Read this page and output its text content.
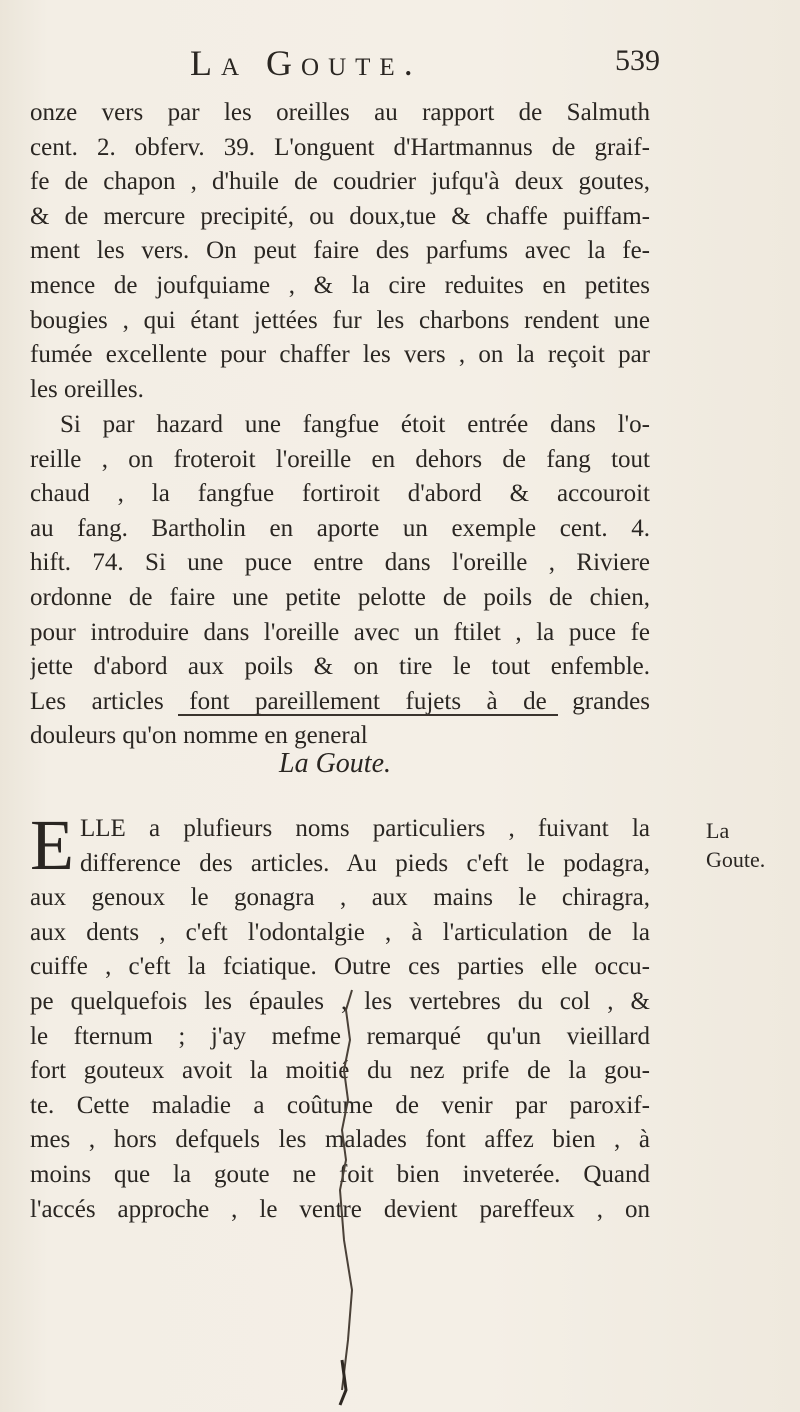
La Goute.	539
onze vers par les oreilles au rapport de Salmuth
cent. 2. obferv. 39. L'onguent d'Hartmannus de graif-
fe de chapon , d'huile de coudrier jufqu'à deux goutes,
& de mercure precipité, ou doux,tue & chaffe puiffam-
ment les vers. On peut faire des parfums avec la fe-
mence de joufquiame , & la cire reduites en petites
bougies , qui étant jettées fur les charbons rendent une
fumée excellente pour chaffer les vers , on la reçoit par
les oreilles.
Si par hazard une fangfue étoit entrée dans l'o-
reille , on froteroit l'oreille en dehors de fang tout
chaud , la fangfue fortiroit d'abord & accouroit
au fang. Bartholin en aporte un exemple cent. 4.
hift. 74. Si une puce entre dans l'oreille , Riviere
ordonne de faire une petite pelotte de poils de chien,
pour introduire dans l'oreille avec un ftilet , la puce fe
jette d'abord aux poils & on tire le tout enfemble.
Les articles font pareillement fujets à de grandes
douleurs qu'on nomme en general
La Goute.
La
Goute.
E LLE a plufieurs noms particuliers , fuivant la
difference des articles. Au pieds c'eft le podagra,
aux genoux le gonagra , aux mains le chiragra,
aux dents , c'eft l'odontalgie , à l'articulation de la
cuiffe , c'eft la fciatique. Outre ces parties elle occu-
pe quelquefois les épaules , les vertebres du col , &
le fternum ; j'ay mefme remarqué qu'un vieillard
fort gouteux avoit la moitié du nez prife de la gou-
te. Cette maladie a coûtume de venir par paroxif-
mes , hors defquels les malades font affez bien , à
moins que la goute ne foit bien inveterée. Quand
l'accés approche , le ventre devient pareffeux , on
